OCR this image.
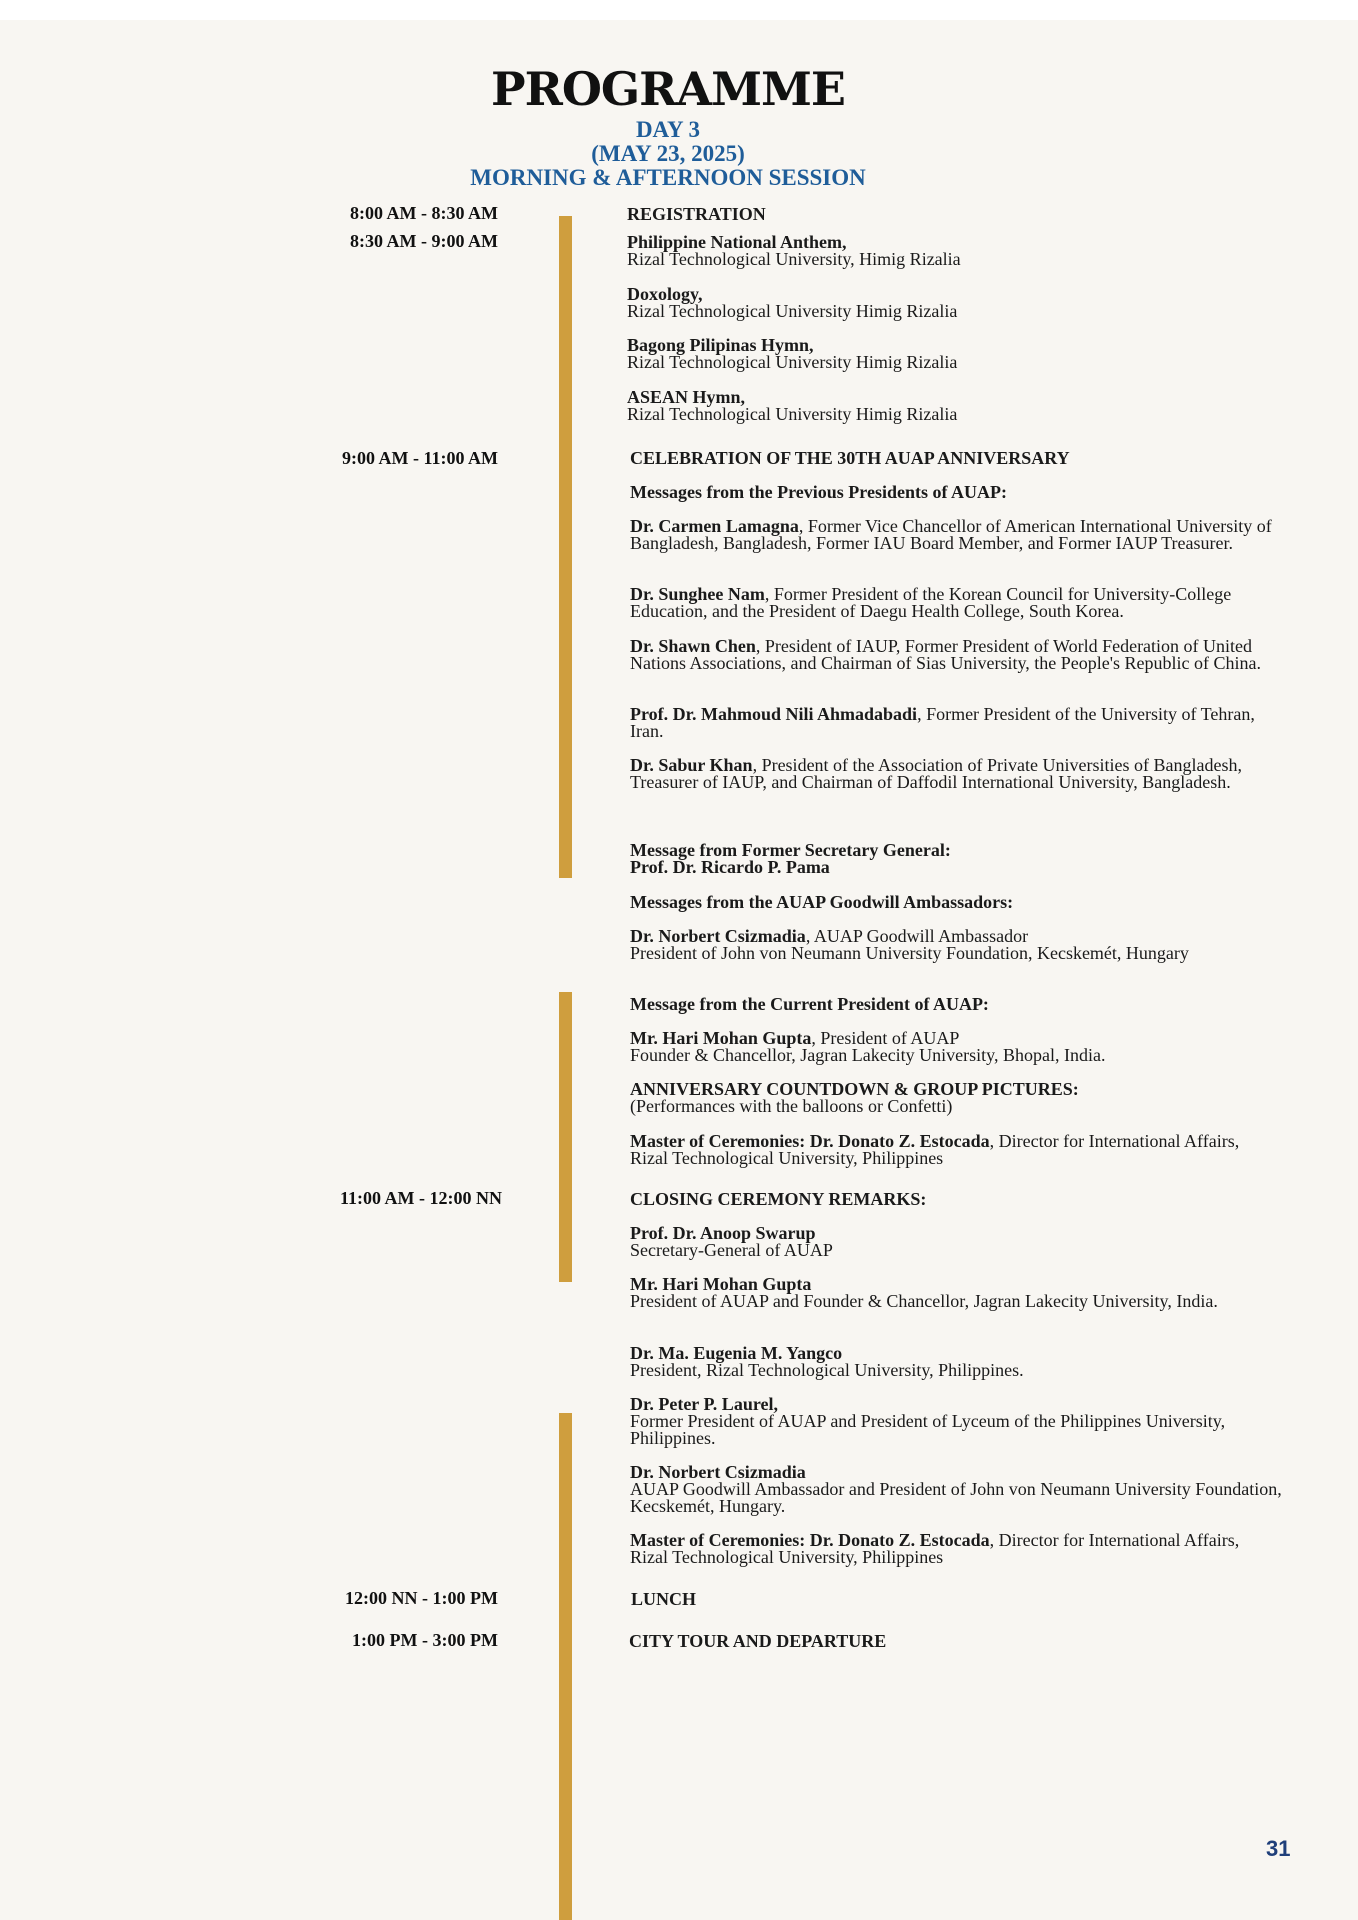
PROGRAMME
DAY 3
(MAY 23, 2025)
MORNING & AFTERNOON SESSION
8:00 AM - 8:30 AM
8:30 AM - 9:00 AM
9:00 AM - 11:00 AM
11:00 AM - 12:00 NN
12:00 NN - 1:00 PM
1:00 PM - 3:00 PM
REGISTRATION
Philippine National Anthem,
Rizal Technological University, Himig Rizalia
Doxology,
Rizal Technological University Himig Rizalia
Bagong Pilipinas Hymn,
Rizal Technological University Himig Rizalia
ASEAN Hymn,
Rizal Technological University Himig Rizalia
CELEBRATION OF THE 30TH AUAP ANNIVERSARY
Messages from the Previous Presidents of AUAP:
Dr. Carmen Lamagna, Former Vice Chancellor of American International University of Bangladesh, Bangladesh, Former IAU Board Member, and Former IAUP Treasurer.
Dr. Sunghee Nam, Former President of the Korean Council for University-College Education, and the President of Daegu Health College, South Korea.
Dr. Shawn Chen, President of IAUP, Former President of World Federation of United Nations Associations, and Chairman of Sias University, the People's Republic of China.
Prof. Dr. Mahmoud Nili Ahmadabadi, Former President of the University of Tehran, Iran.
Dr. Sabur Khan, President of the Association of Private Universities of Bangladesh, Treasurer of IAUP, and Chairman of Daffodil International University, Bangladesh.
Message from Former Secretary General:
Prof. Dr. Ricardo P. Pama
Messages from the AUAP Goodwill Ambassadors:
Dr. Norbert Csizmadia, AUAP Goodwill Ambassador
President of John von Neumann University Foundation, Kecskemét, Hungary
Message from the Current President of AUAP:
Mr. Hari Mohan Gupta, President of AUAP
Founder & Chancellor, Jagran Lakecity University, Bhopal, India.
ANNIVERSARY COUNTDOWN & GROUP PICTURES:
(Performances with the balloons or Confetti)
Master of Ceremonies: Dr. Donato Z. Estocada, Director for International Affairs, Rizal Technological University, Philippines
CLOSING CEREMONY REMARKS:
Prof. Dr. Anoop Swarup
Secretary-General of AUAP
Mr. Hari Mohan Gupta
President of AUAP and Founder & Chancellor, Jagran Lakecity University, India.
Dr. Ma. Eugenia M. Yangco
President, Rizal Technological University, Philippines.
Dr. Peter P. Laurel,
Former President of AUAP and President of Lyceum of the Philippines University, Philippines.
Dr. Norbert Csizmadia
AUAP Goodwill Ambassador and President of John von Neumann University Foundation, Kecskemét, Hungary.
Master of Ceremonies: Dr. Donato Z. Estocada, Director for International Affairs, Rizal Technological University, Philippines
LUNCH
CITY TOUR AND DEPARTURE
31
